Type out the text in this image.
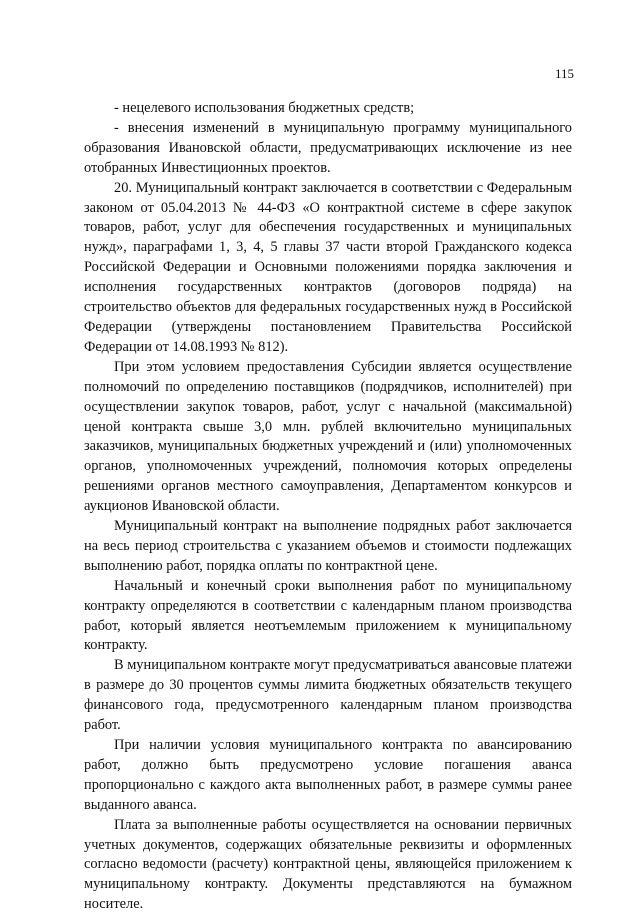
115

- нецелевого использования бюджетных средств;

- внесения изменений в муниципальную программу муниципального образования Ивановской области, предусматривающих исключение из нее отобранных Инвестиционных проектов.

20. Муниципальный контракт заключается в соответствии с Федеральным законом от 05.04.2013 № 44-ФЗ «О контрактной системе в сфере закупок товаров, работ, услуг для обеспечения государственных и муниципальных нужд», параграфами 1, 3, 4, 5 главы 37 части второй Гражданского кодекса Российской Федерации и Основными положениями порядка заключения и исполнения государственных контрактов (договоров подряда) на строительство объектов для федеральных государственных нужд в Российской Федерации (утверждены постановлением Правительства Российской Федерации от 14.08.1993 № 812).

При этом условием предоставления Субсидии является осуществление полномочий по определению поставщиков (подрядчиков, исполнителей) при осуществлении закупок товаров, работ, услуг с начальной (максимальной) ценой контракта свыше 3,0 млн. рублей включительно муниципальных заказчиков, муниципальных бюджетных учреждений и (или) уполномоченных органов, уполномоченных учреждений, полномочия которых определены решениями органов местного самоуправления, Департаментом конкурсов и аукционов Ивановской области.

Муниципальный контракт на выполнение подрядных работ заключается на весь период строительства с указанием объемов и стоимости подлежащих выполнению работ, порядка оплаты по контрактной цене.

Начальный и конечный сроки выполнения работ по муниципальному контракту определяются в соответствии с календарным планом производства работ, который является неотъемлемым приложением к муниципальному контракту.

В муниципальном контракте могут предусматриваться авансовые платежи в размере до 30 процентов суммы лимита бюджетных обязательств текущего финансового года, предусмотренного календарным планом производства работ.

При наличии условия муниципального контракта по авансированию работ, должно быть предусмотрено условие погашения аванса пропорционально с каждого акта выполненных работ, в размере суммы ранее выданного аванса.

Плата за выполненные работы осуществляется на основании первичных учетных документов, содержащих обязательные реквизиты и оформленных согласно ведомости (расчету) контрактной цены, являющейся приложением к муниципальному контракту. Документы представляются на бумажном носителе.
